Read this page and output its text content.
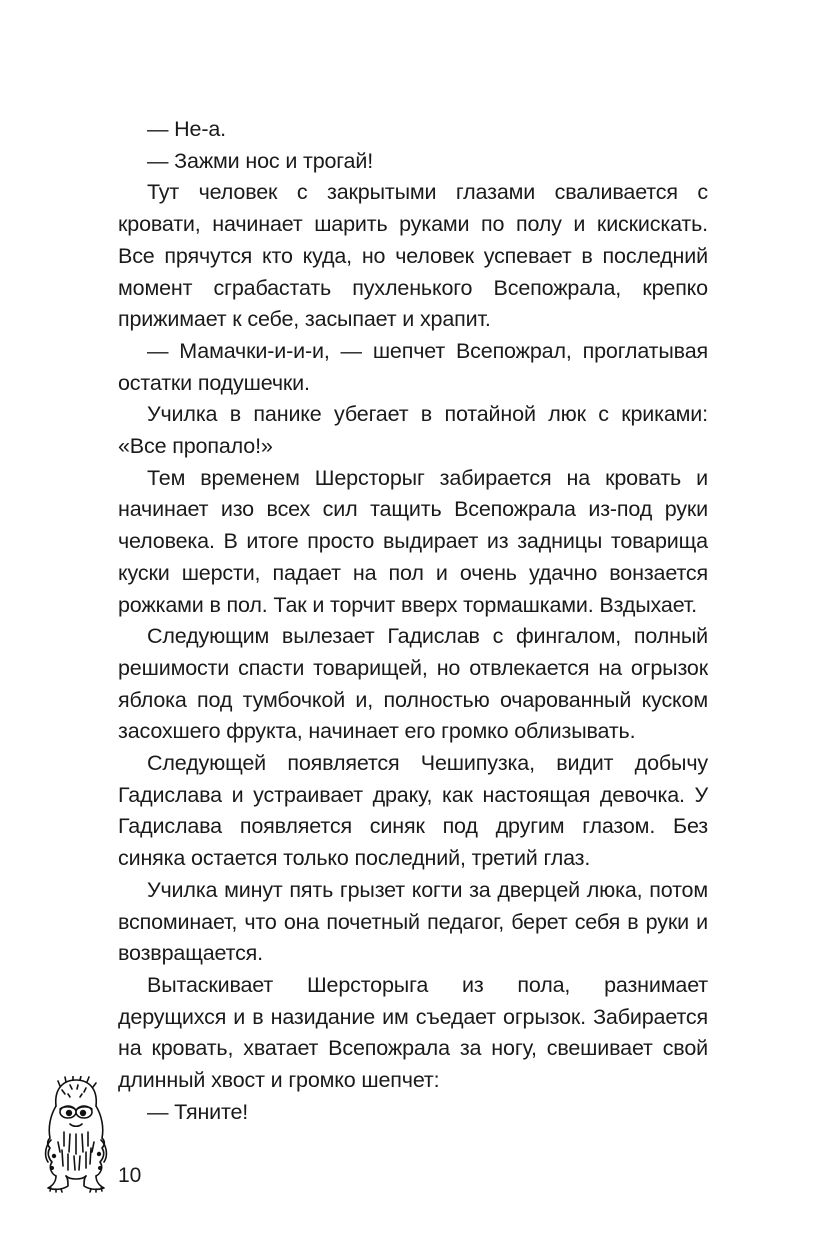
— Не-а.

— Зажми нос и трогай!

Тут человек с закрытыми глазами сваливается с кровати, начинает шарить руками по полу и кискискать. Все прячутся кто куда, но человек успевает в последний момент сграбастать пухленького Всепожрала, крепко прижимает к себе, засыпает и храпит.

— Мамачки-и-и-и, — шепчет Всепожрал, проглатывая остатки подушечки.

Училка в панике убегает в потайной люк с криками: «Все пропало!»

Тем временем Шерсторыг забирается на кровать и начинает изо всех сил тащить Всепожрала из-под руки человека. В итоге просто выдирает из задницы товарища куски шерсти, падает на пол и очень удачно вонзается рожками в пол. Так и торчит вверх тормашками. Вздыхает.

Следующим вылезает Гадислав с фингалом, полный решимости спасти товарищей, но отвлекается на огрызок яблока под тумбочкой и, полностью очарованный куском засохшего фрукта, начинает его громко облизывать.

Следующей появляется Чешипузка, видит добычу Гадислава и устраивает драку, как настоящая девочка. У Гадислава появляется синяк под другим глазом. Без синяка остается только последний, третий глаз.

Училка минут пять грызет когти за дверцей люка, потом вспоминает, что она почетный педагог, берет себя в руки и возвращается.

Вытаскивает Шерсторыга из пола, разнимает дерущихся и в назидание им съедает огрызок. Забирается на кровать, хватает Всепожрала за ногу, свешивает свой длинный хвост и громко шепчет:

— Тяните!

10
